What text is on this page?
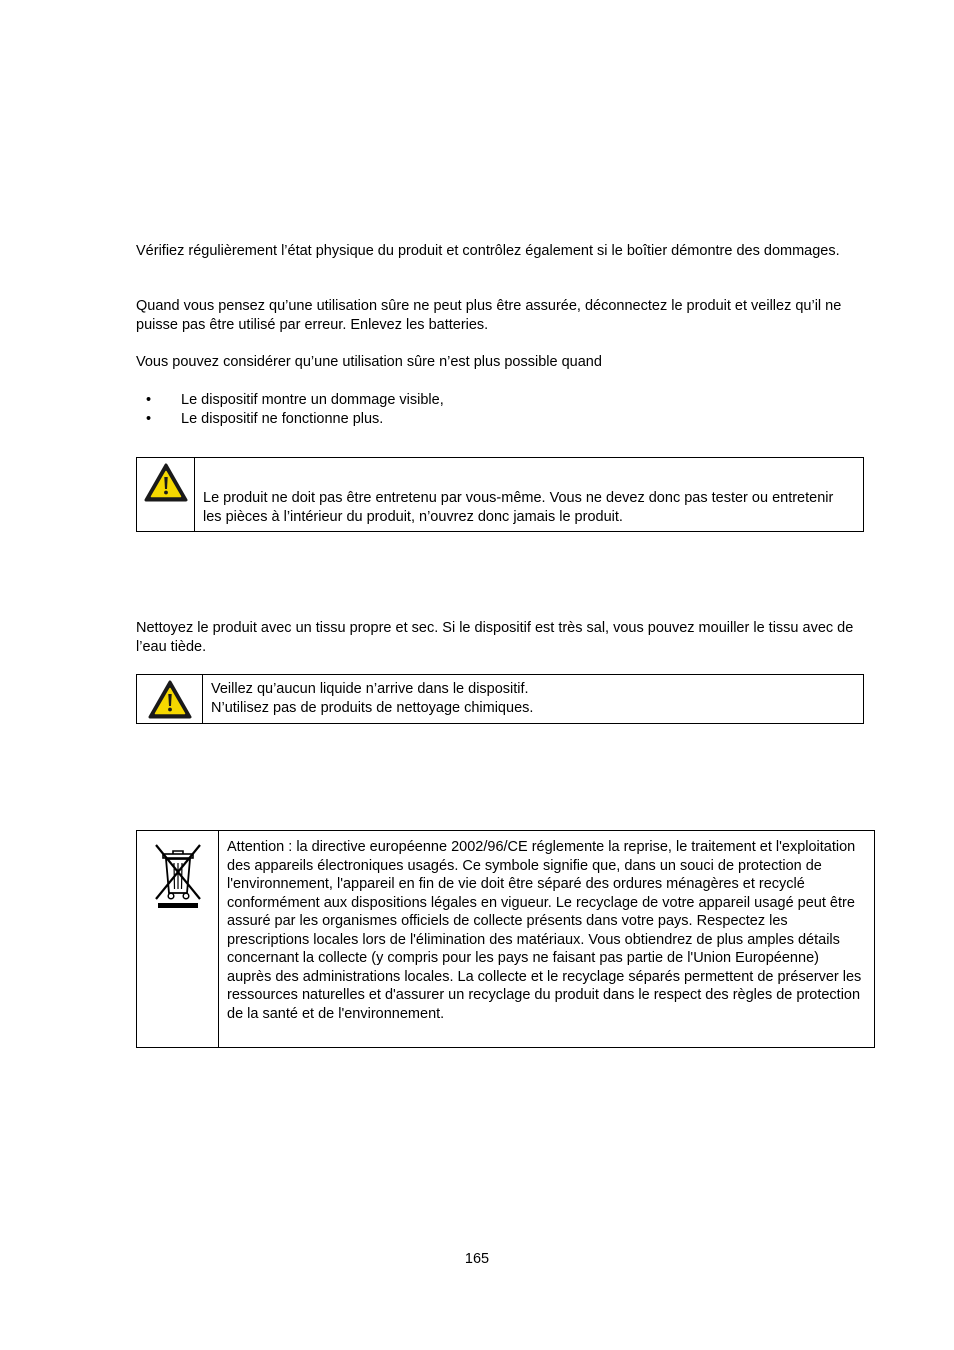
Vérifiez régulièrement l’état physique du produit et contrôlez également si le boîtier démontre des dommages.

Quand vous pensez qu’une utilisation sûre ne peut plus être assurée, déconnectez le produit et veillez qu’il ne puisse pas être utilisé par erreur. Enlevez les batteries.

Vous pouvez considérer qu’une utilisation sûre n’est plus possible quand

• Le dispositif montre un dommage visible,
• Le dispositif ne fonctionne plus.
	Le produit ne doit pas être entretenu par vous-même. Vous ne devez donc pas tester ou entretenir les pièces à l’intérieur du produit, n’ouvrez donc jamais le produit.

Nettoyez le produit avec un tissu propre et sec. Si le dispositif est très sal, vous pouvez mouiller le tissu avec de l’eau tiède.

Veillez qu’aucun liquide n’arrive dans le dispositif.
N’utilisez pas de produits de nettoyage chimiques.
	Attention : la directive européenne 2002/96/CE réglemente la reprise, le traitement et l'exploitation des appareils électroniques usagés. Ce symbole signifie que, dans un souci de protection de l'environnement, l'appareil en fin de vie doit être séparé des ordures ménagères et recyclé conformément aux dispositions légales en vigueur. Le recyclage de votre appareil usagé peut être assuré par les organismes officiels de collecte présents dans votre pays. Respectez les prescriptions locales lors de l'élimination des matériaux. Vous obtiendrez de plus amples détails concernant la collecte (y compris pour les pays ne faisant pas partie de l'Union Européenne) auprès des administrations locales. La collecte et le recyclage séparés permettent de préserver les ressources naturelles et d'assurer un recyclage du produit dans le respect des règles de protection de la santé et de l'environnement.
165
